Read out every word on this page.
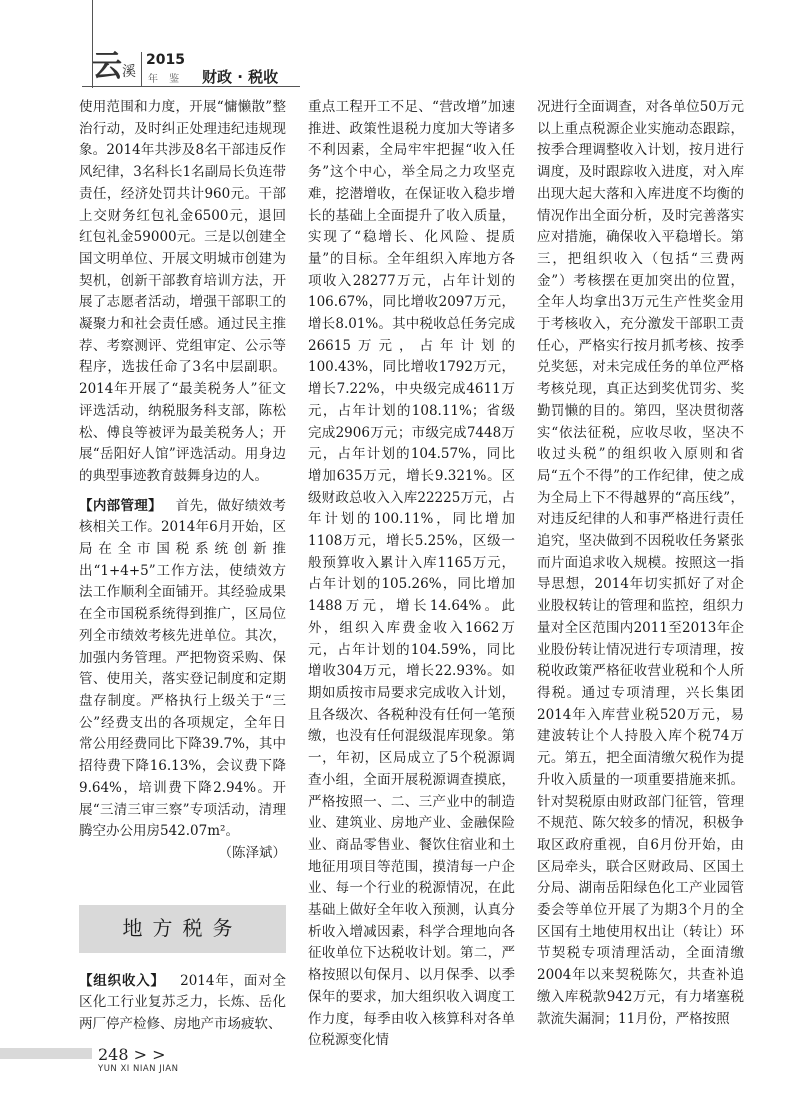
云 溪
2015
年 鉴 财政 · 税收

使用范围和力度，开展“慵懒散”整治行动，及时纠正处理违纪违规现象。2014年共涉及8名干部违反作风纪律，3名科长1名副局长负连带责任，经济处罚共计960元。干部上交财务红包礼金6500元，退回红包礼金59000元。三是以创建全国文明单位、开展文明城市创建为契机，创新干部教育培训方法，开展了志愿者活动，增强干部职工的凝聚力和社会责任感。通过民主推荐、考察测评、党组审定、公示等程序，选拔任命了3名中层副职。2014年开展了“最美税务人”征文评选活动，纳税服务科支部，陈松松、傅良等被评为最美税务人；开展“岳阳好人馆”评选活动。用身边的典型事迹教育鼓舞身边的人。

【内部管理】 首先，做好绩效考核相关工作。2014年6月开始，区局在全市国税系统创新推出“1+4+5”工作方法，使绩效方法工作顺利全面铺开。其经验成果在全市国税系统得到推广，区局位列全市绩效考核先进单位。其次，加强内务管理。严把物资采购、保管、使用关，落实登记制度和定期盘存制度。严格执行上级关于“三公”经费支出的各项规定，全年日常公用经费同比下降39.7%，其中招待费下降16.13%，会议费下降9.64%，培训费下降2.94%。开展“三清三审三察”专项活动，清理腾空办公用房542.07m²。

（陈泽斌）
地方税务

【组织收入】 2014年，面对全区化工行业复苏乏力，长炼、岳化两厂停产检修、房地产市场疲软、

重点工程开工不足、“营改增”加速推进、政策性退税力度加大等诸多不利因素，全局牢牢把握“收入任务”这个中心，举全局之力攻坚克难，挖潜增收，在保证收入稳步增长的基础上全面提升了收入质量，实现了“稳增长、化风险、提质量”的目标。全年组织入库地方各项收入28277万元，占年计划的106.67%，同比增收2097万元，增长8.01%。其中税收总任务完成26615万元，占年计划的100.43%，同比增收1792万元，增长7.22%，中央级完成4611万元，占年计划的108.11%；省级完成2906万元；市级完成7448万元，占年计划的104.57%，同比增加635万元，增长9.321%。区级财政总收入入库22225万元，占年计划的100.11%，同比增加1108万元，增长5.25%，区级一般预算收入累计入库1165万元，占年计划的105.26%，同比增加1488万元，增长14.64%。此外，组织入库费金收入1662万元，占年计划的104.59%，同比增收304万元，增长22.93%。如期如质按市局要求完成收入计划，且各级次、各税种没有任何一笔预缴，也没有任何混级混库现象。第一，年初，区局成立了5个税源调查小组，全面开展税源调查摸底，严格按照一、二、三产业中的制造业、建筑业、房地产业、金融保险业、商品零售业、餐饮住宿业和土地征用项目等范围，摸清每一户企业、每一个行业的税源情况，在此基础上做好全年收入预测，认真分析收入增减因素，科学合理地向各征收单位下达税收计划。第二，严格按照以旬保月、以月保季、以季保年的要求，加大组织收入调度工作力度，每季由收入核算科对各单位税源变化情

况进行全面调查，对各单位50万元以上重点税源企业实施动态跟踪，按季合理调整收入计划，按月进行调度，及时跟踪收入进度，对入库出现大起大落和入库进度不均衡的情况作出全面分析，及时完善落实应对措施，确保收入平稳增长。第三，把组织收入（包括“三费两金”）考核摆在更加突出的位置，全年人均拿出3万元生产性奖金用于考核收入，充分激发干部职工责任心，严格实行按月抓考核、按季兑奖惩，对未完成任务的单位严格考核兑现，真正达到奖优罚劣、奖勤罚懒的目的。第四，坚决贯彻落实“依法征税，应收尽收，坚决不收过头税”的组织收入原则和省局“五个不得”的工作纪律，使之成为全局上下不得越界的“高压线”，对违反纪律的人和事严格进行责任追究，坚决做到不因税收任务紧张而片面追求收入规模。按照这一指导思想，2014年切实抓好了对企业股权转让的管理和监控，组织力量对全区范围内2011至2013年企业股份转让情况进行专项清理，按税收政策严格征收营业税和个人所得税。通过专项清理，兴长集团2014年入库营业税520万元，易建波转让个人持股入库个税74万元。第五，把全面清缴欠税作为提升收入质量的一项重要措施来抓。针对契税原由财政部门征管，管理不规范、陈欠较多的情况，积极争取区政府重视，自6月份开始，由区局牵头，联合区财政局、区国土分局、湖南岳阳绿色化工产业园管委会等单位开展了为期3个月的全区国有土地使用权出让（转让）环节契税专项清理活动，全面清缴2004年以来契税陈欠，共查补追缴入库税款942万元，有力堵塞税款流失漏洞；11月份，严格按照

248 > >
YUN XI NIAN JIAN
